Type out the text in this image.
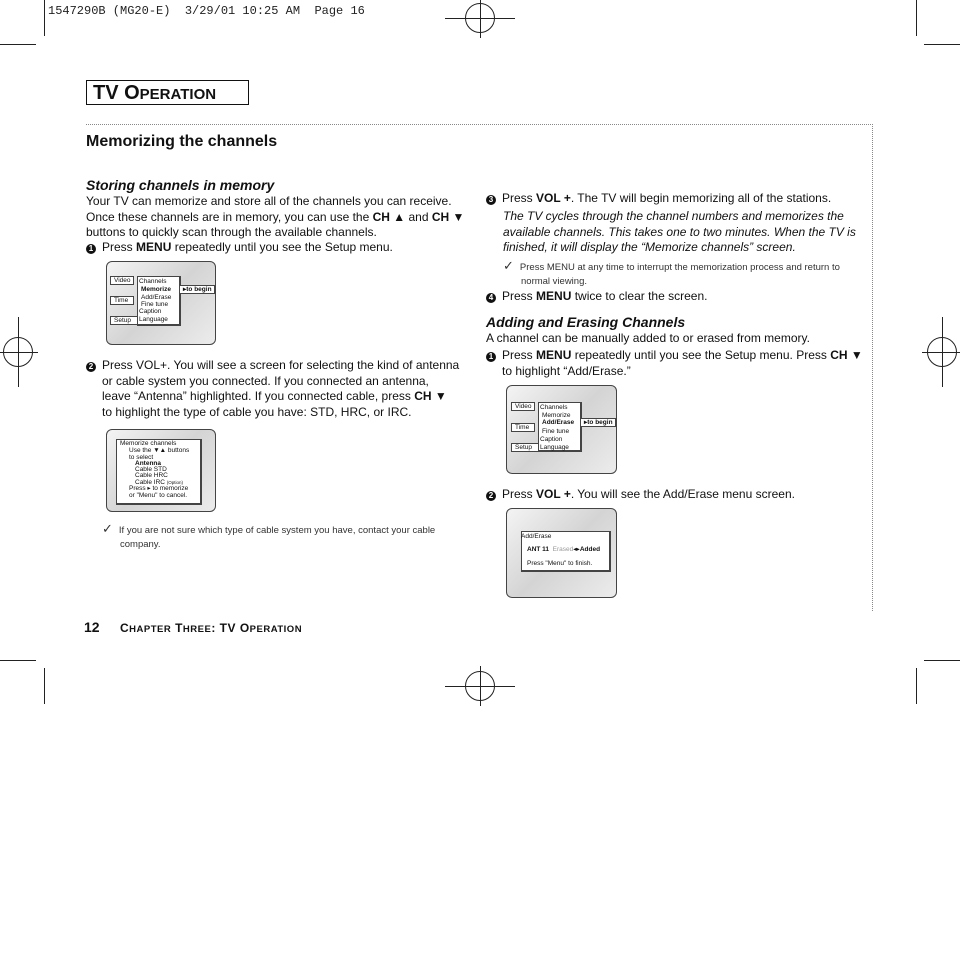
1547290B (MG20-E)  3/29/01 10:25 AM  Page 16
TV OPERATION
Memorizing the channels
Storing channels in memory
Your TV can memorize and store all of the channels you can receive.
Once these channels are in memory, you can use the CH ▲ and CH ▼
buttons to quickly scan through the available channels.
1 Press MENU repeatedly until you see the Setup menu.
Video
Time
Setup
Channels
Memorize
Add/Erase
Fine tune
Caption
Language
▸to begin
2 Press VOL+. You will see a screen for selecting the kind of antenna
or cable system you connected. If you connected an antenna,
leave “Antenna” highlighted. If you connected cable, press CH ▼
to highlight the type of cable you have: STD, HRC, or IRC.
Memorize channels
Use the ▼▲ buttons
to select
Antenna
Cable STD
Cable HRC
Cable IRC (Option)
Press ▸ to memorize
or "Menu" to cancel.
✓ If you are not sure which type of cable system you have, contact your cable
company.
3 Press VOL +. The TV will begin memorizing all of the stations.
The TV cycles through the channel numbers and memorizes the
available channels. This takes one to two minutes. When the TV is
finished, it will display the “Memorize channels” screen.
✓ Press MENU at any time to interrupt the memorization process and return to
normal viewing.
4 Press MENU twice to clear the screen.
Adding and Erasing Channels
A channel can be manually added to or erased from memory.
1 Press MENU repeatedly until you see the Setup menu. Press CH ▼
to highlight “Add/Erase.”
Video
Time
Setup
Channels
Memorize
Add/Erase
Fine tune
Caption
Language
▸to begin
2 Press VOL +. You will see the Add/Erase menu screen.
Add/Erase
ANT 11 Erased◂▸Added
Press "Menu" to finish.
12 CHAPTER THREE: TV OPERATION
